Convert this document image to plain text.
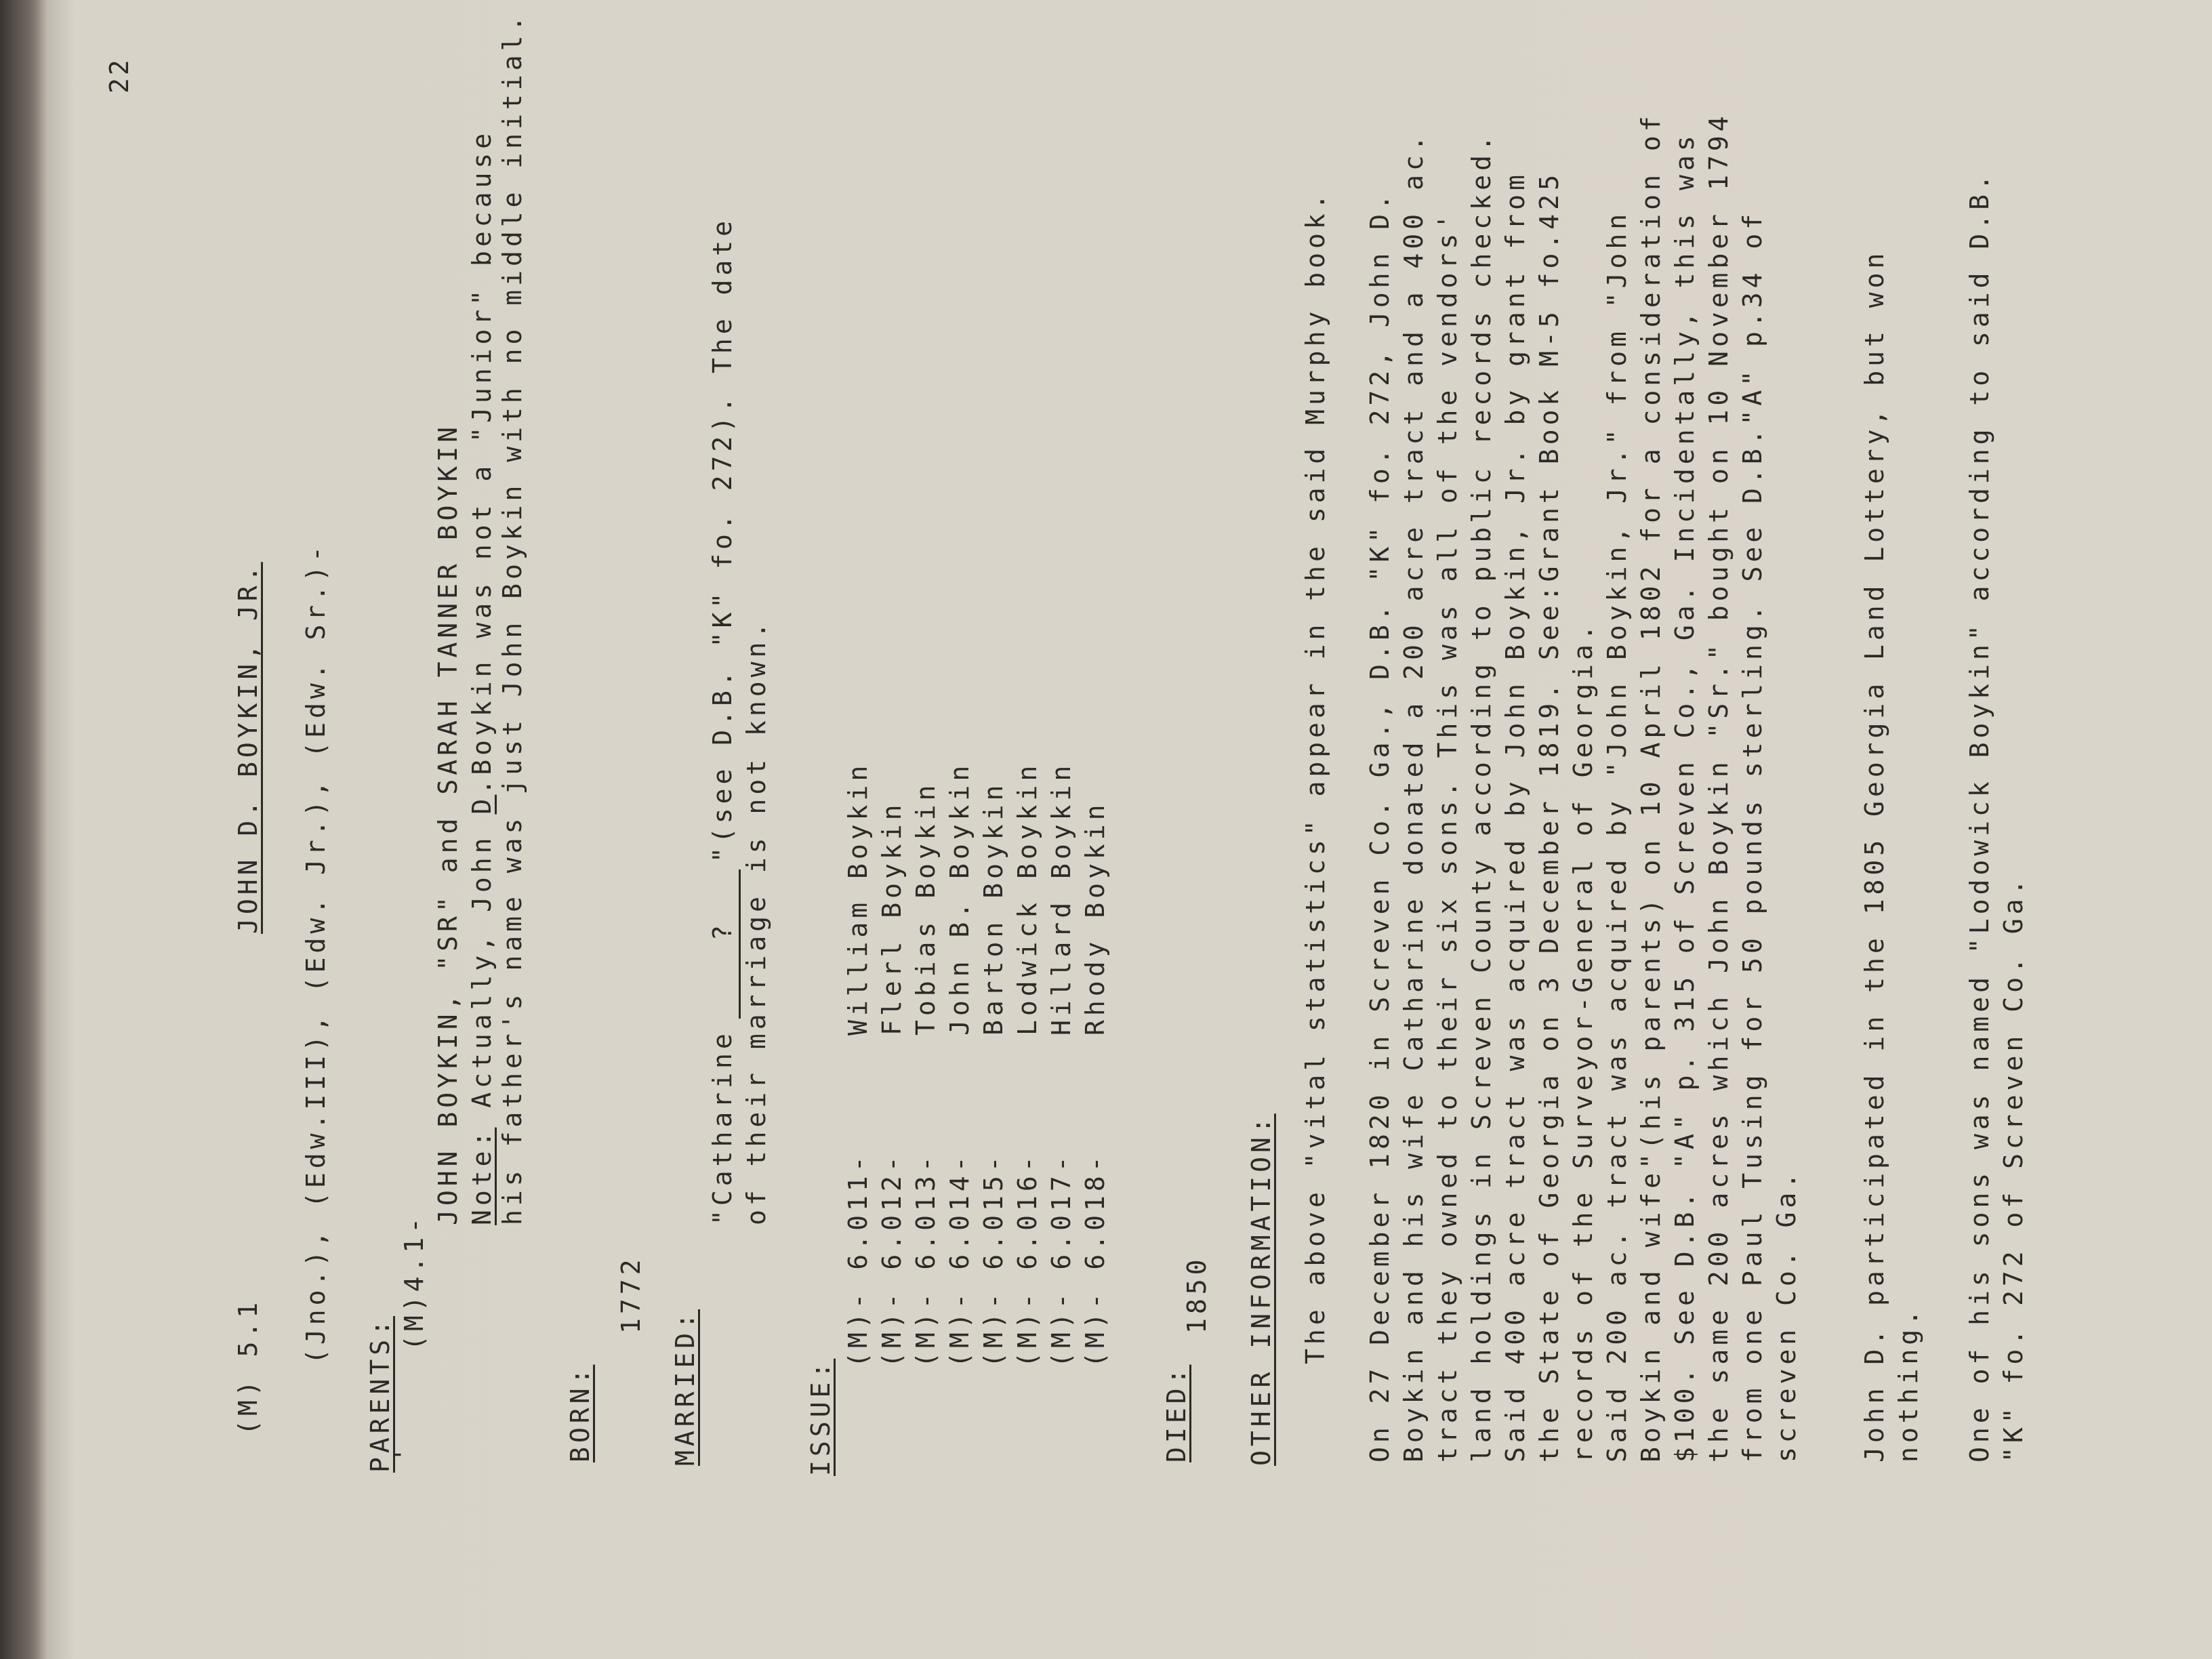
22
(M) 5.1
JOHN D. BOYKIN, JR. (Jno.), (Edw.III), (Edw. Jr.), (Edw. Sr.)-
PARENTS:
'
(M)4.1-
JOHN BOYKIN, "SR" and SARAH TANNER BOYKIN Note: Actually, John D.Boykin was not a "Junior" because his father's name was just John Boykin with no middle initial.
BORN:
1772
MARRIED:
"Catharine
?
"(see D.B. "K" fo. 272). The date
of their marriage is not known.
ISSUE:
(M)- 6.011-
William Boykin
(M)- 6.012-
Flerl Boykin
(M)- 6.013-
Tobias Boykin
(M)- 6.014-
John B. Boykin
(M)- 6.015-
Barton Boykin
(M)- 6.016-
Lodwick Boykin
(M)- 6.017-
Hillard Boykin
(M)- 6.018-
Rhody Boykin
DIED:
1850 OTHER INFORMATION: The above "vital statistics" appear in the said Murphy book. On 27 December 1820 in Screven Co. Ga., D.B. "K" fo. 272, John D. Boykin and his wife Catharine donated a 200 acre tract and a 400 ac. tract they owned to their six sons. This was all of the vendors' land holdings in Screven County according to public records checked. Said 400 acre tract was acquired by John Boykin, Jr. by grant from the State of Georgia on 3 December 1819. See:Grant Book M-5 fo.425 records of the Surveyor-General of Georgia. Said 200 ac. tract was acquired by "John Boykin, Jr." from "John Boykin and wife"(his parents) on 10 April 1802 for a consideration of $100. See D.B. "A" p. 315 of Screven Co., Ga. Incidentally, this was the same 200 acres which John Boykin "Sr." bought on 10 November 1794 from one Paul Tusing for 50 pounds sterling. See D.B."A" p.34 of screven Co. Ga. John D. participated in the 1805 Georgia Land Lottery, but won nothing. One of his sons was named "Lodowick Boykin" according to said D.B. "K" fo. 272 of Screven Co. Ga.
